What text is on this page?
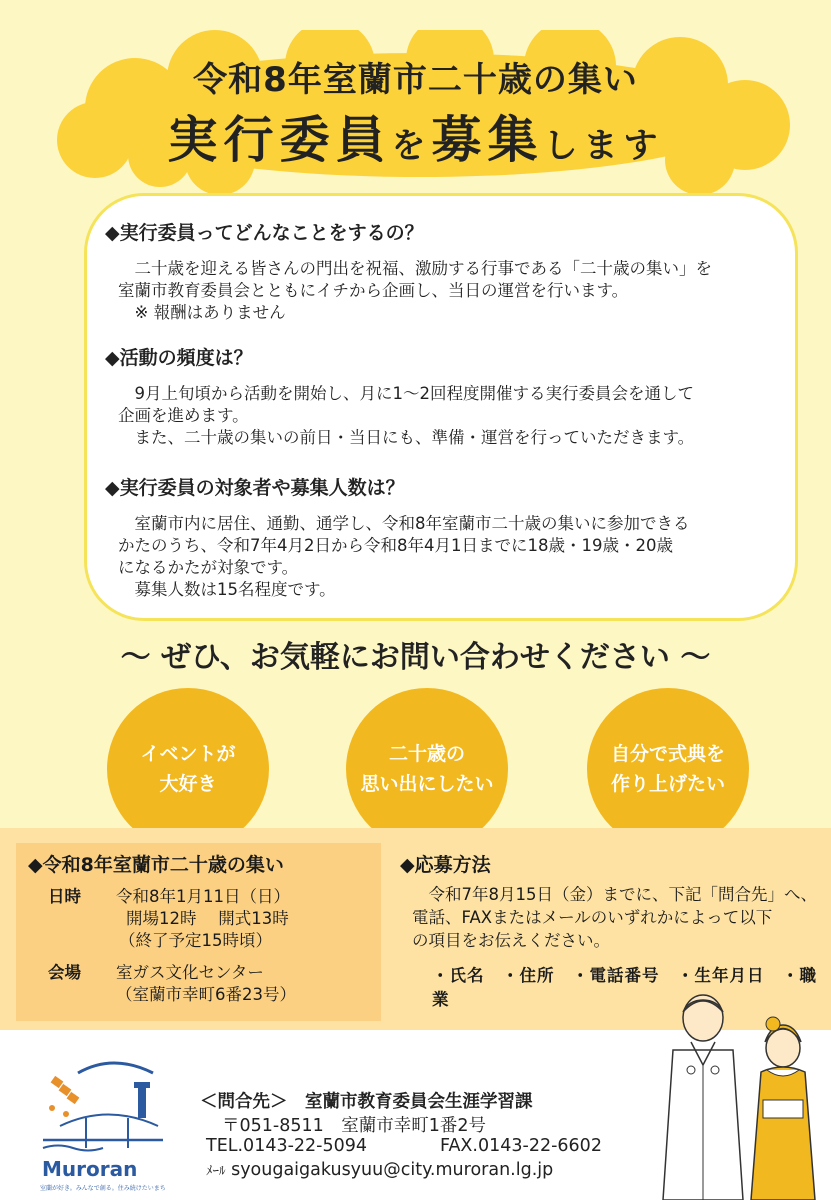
令和8年室蘭市二十歳の集い
実行委員を募集します
◆実行委員ってどんなことをするの？
　二十歳を迎える皆さんの門出を祝福、激励する行事である「二十歳の集い」を
室蘭市教育委員会とともにイチから企画し、当日の運営を行います。
　※ 報酬はありません
◆活動の頻度は？
　9月上旬頃から活動を開始し、月に1～2回程度開催する実行委員会を通して
企画を進めます。
　また、二十歳の集いの前日・当日にも、準備・運営を行っていただきます。
◆実行委員の対象者や募集人数は？
　室蘭市内に居住、通勤、通学し、令和8年室蘭市二十歳の集いに参加できる
かたのうち、令和7年4月2日から令和8年4月1日までに18歳・19歳・20歳
になるかたが対象です。
　募集人数は15名程度です。
～ ぜひ、お気軽にお問い合わせください ～
イベントが
大好き
二十歳の
思い出にしたい
自分で式典を
作り上げたい
◆令和8年室蘭市二十歳の集い
日時 令和8年1月11日（日）
開場12時　 開式13時
（終了予定15時頃）
会場 室ガス文化センター
（室蘭市幸町6番23号）
◆応募方法
　令和7年8月15日（金）までに、下記「問合先」へ、
電話、FAXまたはメールのいずれかによって以下
の項目をお伝えください。
・氏名　・住所　・電話番号　・生年月日　・職業
Muroran
室蘭が好き。みんなで創る。住み続けたいまち
＜問合先＞　 室蘭市教育委員会生涯学習課
〒051-8511　室蘭市幸町1番2号
TEL.0143-22-5094	FAX.0143-22-6602
ﾒｰﾙ syougaigakusyuu@city.muroran.lg.jp
